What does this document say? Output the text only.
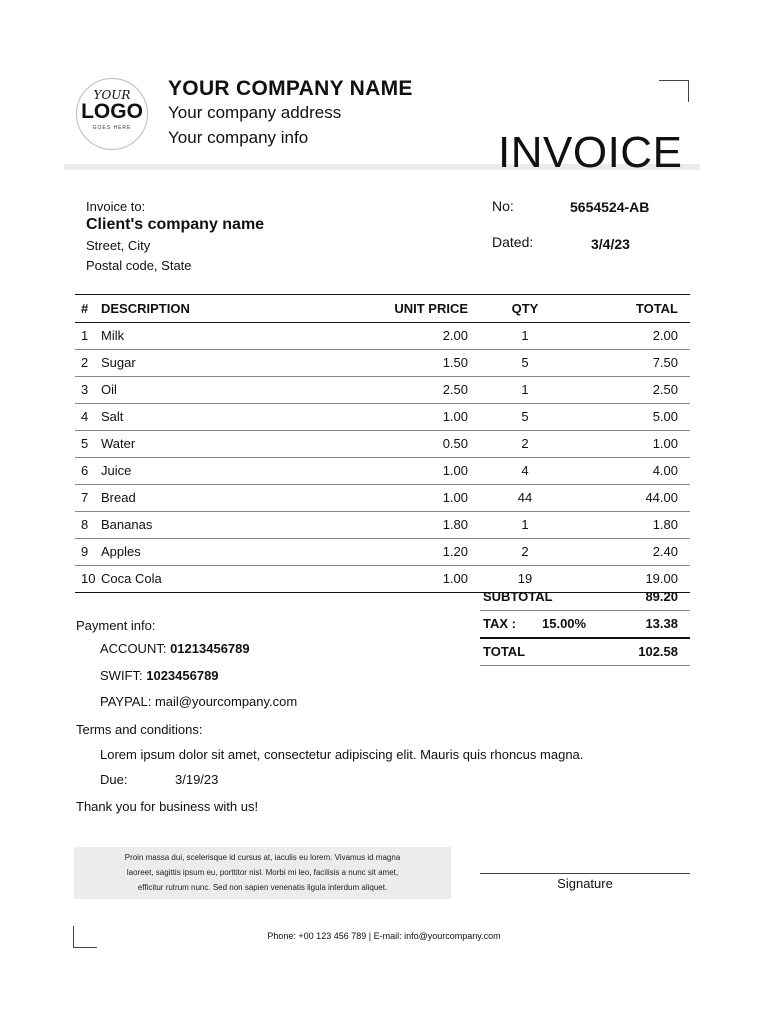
YOUR
LOGO
GOES HERE
YOUR COMPANY NAME
Your company address
Your company info	INVOICE
Invoice to:
Client's company name
Street, City
Postal code, State
No:	5654524-AB
Dated:	3/4/23
# DESCRIPTION	UNIT PRICE	QTY	TOTAL
1 Milk	2.00	1	2.00
2 Sugar	1.50	5	7.50
3 Oil	2.50	1	2.50
4 Salt	1.00	5	5.00
5 Water	0.50	2	1.00
6 Juice	1.00	4	4.00
7 Bread	1.00	44	44.00
8 Bananas	1.80	1	1.80
9 Apples	1.20	2	2.40
10 Coca Cola	1.00	19	19.00
SUBTOTAL	89.20
TAX : 15.00%	13.38
TOTAL	102.58
Payment info:
ACCOUNT: 01213456789
SWIFT: 1023456789
PAYPAL: mail@yourcompany.com
Terms and conditions:
Lorem ipsum dolor sit amet, consectetur adipiscing elit. Mauris quis rhoncus magna.
Due:	3/19/23
Thank you for business with us!
Proin massa dui, scelerisque id cursus at, iaculis eu lorem. Vivamus id magna
laoreet, sagittis ipsum eu, porttitor nisl. Morbi mi leo, facilisis a nunc sit amet,
efficitur rutrum nunc. Sed non sapien venenatis ligula interdum aliquet.	Signature
Phone: +00 123 456 789 | E-mail: info@yourcompany.com
